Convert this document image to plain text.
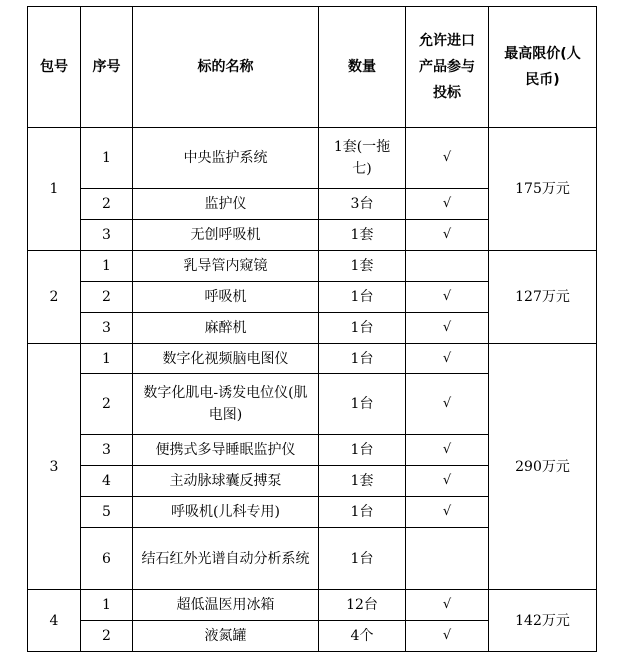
包号	序号	标的名称	数量	允许进口产品参与投标	最高限价(人民币)
1	1	中央监护系统	1套(一拖七)	√	175万元
	2	监护仪	3台	√	
	3	无创呼吸机	1套	√	
2	1	乳导管内窥镜	1套		127万元
	2	呼吸机	1台	√	
	3	麻醉机	1台	√	
3	1	数字化视频脑电图仪	1台	√	290万元
	2	数字化肌电-诱发电位仪(肌电图)	1台	√	
	3	便携式多导睡眠监护仪	1台	√	
	4	主动脉球囊反搏泵	1套	√	
	5	呼吸机(儿科专用)	1台	√	
	6	结石红外光谱自动分析系统	1台		
4	1	超低温医用冰箱	12台	√	142万元
	2	液氮罐	4个	√	
